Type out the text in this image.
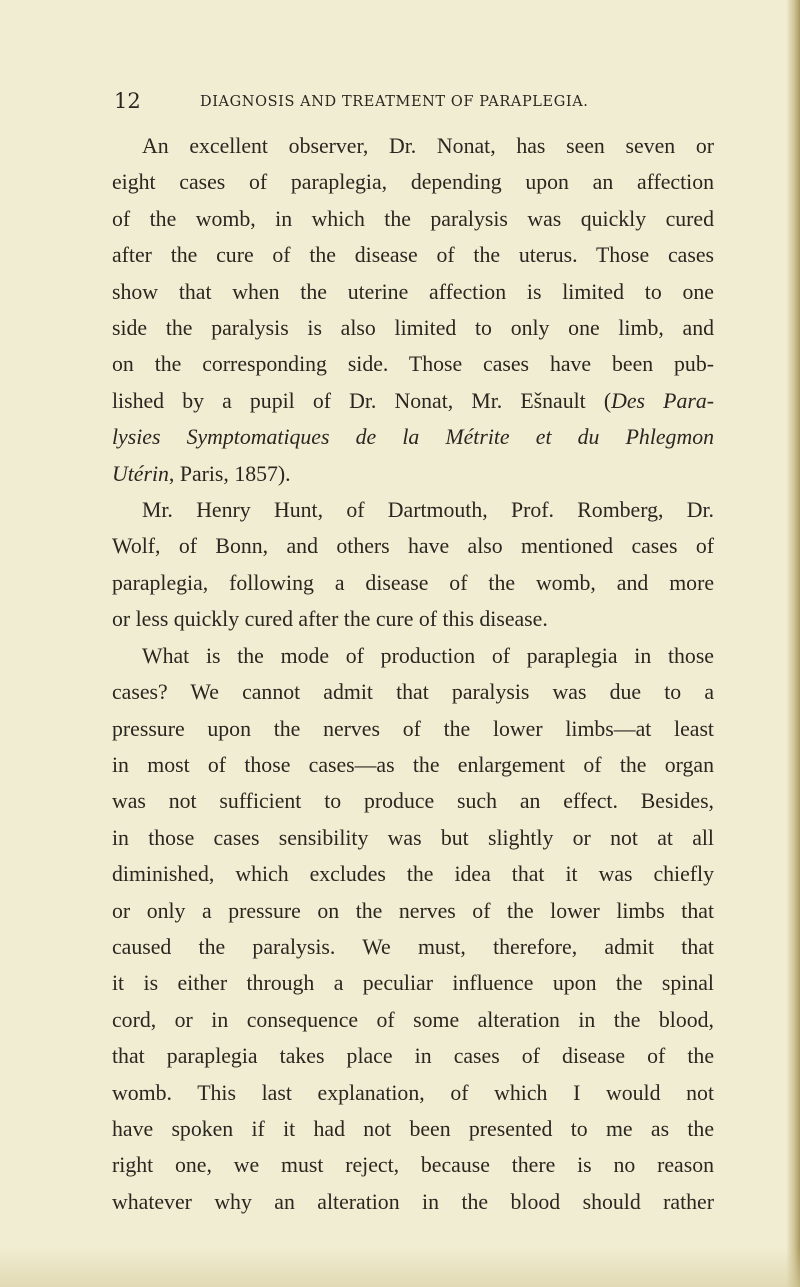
12	DIAGNOSIS AND TREATMENT OF PARAPLEGIA.
An excellent observer, Dr. Nonat, has seen seven or
eight cases of paraplegia, depending upon an affection
of the womb, in which the paralysis was quickly cured
after the cure of the disease of the uterus. Those cases
show that when the uterine affection is limited to one
side the paralysis is also limited to only one limb, and
on the corresponding side. Those cases have been pub-
lished by a pupil of Dr. Nonat, Mr. Ešnault (Des Para-
lysies Symptomatiques de la Métrite et du Phlegmon
Utérin, Paris, 1857).
Mr. Henry Hunt, of Dartmouth, Prof. Romberg, Dr.
Wolf, of Bonn, and others have also mentioned cases of
paraplegia, following a disease of the womb, and more
or less quickly cured after the cure of this disease.
What is the mode of production of paraplegia in those
cases? We cannot admit that paralysis was due to a
pressure upon the nerves of the lower limbs—at least
in most of those cases—as the enlargement of the organ
was not sufficient to produce such an effect. Besides,
in those cases sensibility was but slightly or not at all
diminished, which excludes the idea that it was chiefly
or only a pressure on the nerves of the lower limbs that
caused the paralysis. We must, therefore, admit that
it is either through a peculiar influence upon the spinal
cord, or in consequence of some alteration in the blood,
that paraplegia takes place in cases of disease of the
womb. This last explanation, of which I would not
have spoken if it had not been presented to me as the
right one, we must reject, because there is no reason
whatever why an alteration in the blood should rather
